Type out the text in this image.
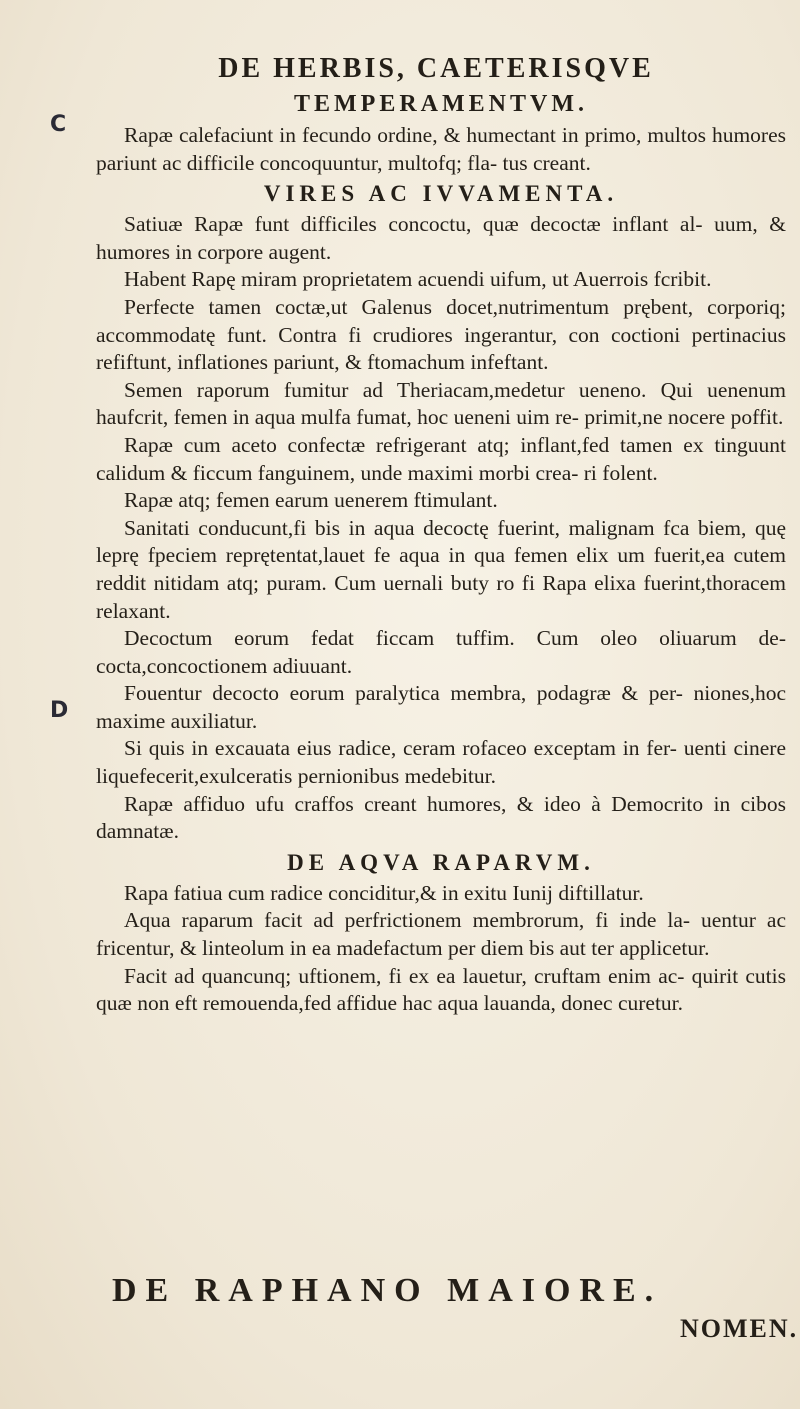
C
D
DE HERBIS, CAETERISQVE
TEMPERAMENTVM.

Rapæ calefaciunt in fecundo ordine, & humectant in primo, multos humores pariunt ac difficile concoquuntur, multofq; fla- tus creant.

VIRES AC IVVAMENTA.

Satiuæ Rapæ funt difficiles concoctu, quæ decoctæ inflant al- uum, & humores in corpore augent.

Habent Rapę miram proprietatem acuendi uifum, ut Auerrois fcribit.

Perfecte tamen coctæ,ut Galenus docet,nutrimentum prębent, corporiq; accommodatę funt. Contra fi crudiores ingerantur, con coctioni pertinacius refiftunt, inflationes pariunt, & ftomachum infeftant.

Semen raporum fumitur ad Theriacam,medetur ueneno. Qui uenenum haufcrit, femen in aqua mulfa fumat, hoc ueneni uim re- primit,ne nocere poffit.

Rapæ cum aceto confectæ refrigerant atq; inflant,fed tamen ex tinguunt calidum & ficcum fanguinem, unde maximi morbi crea- ri folent.

Rapæ atq; femen earum uenerem ftimulant.

Sanitati conducunt,fi bis in aqua decoctę fuerint, malignam fca biem, quę leprę fpeciem reprętentat,lauet fe aqua in qua femen elix um fuerit,ea cutem reddit nitidam atq; puram. Cum uernali buty ro fi Rapa elixa fuerint,thoracem relaxant.

Decoctum eorum fedat ficcam tuffim. Cum oleo oliuarum de- cocta,concoctionem adiuuant.

Fouentur decocto eorum paralytica membra, podagræ & per- niones,hoc maxime auxiliatur.

Si quis in excauata eius radice, ceram rofaceo exceptam in fer- uenti cinere liquefecerit,exulceratis pernionibus medebitur.

Rapæ affiduo ufu craffos creant humores, & ideo à Democrito in cibos damnatæ.

DE AQVA RAPARVM.

Rapa fatiua cum radice conciditur,& in exitu Iunij diftillatur.

Aqua raparum facit ad perfrictionem membrorum, fi inde la- uentur ac fricentur, & linteolum in ea madefactum per diem bis aut ter applicetur.

Facit ad quancunq; uftionem, fi ex ea lauetur, cruftam enim ac- quirit cutis quæ non eft remouenda,fed affidue hac aqua lauanda, donec curetur.

DE RAPHANO MAIORE.
NOMEN.
